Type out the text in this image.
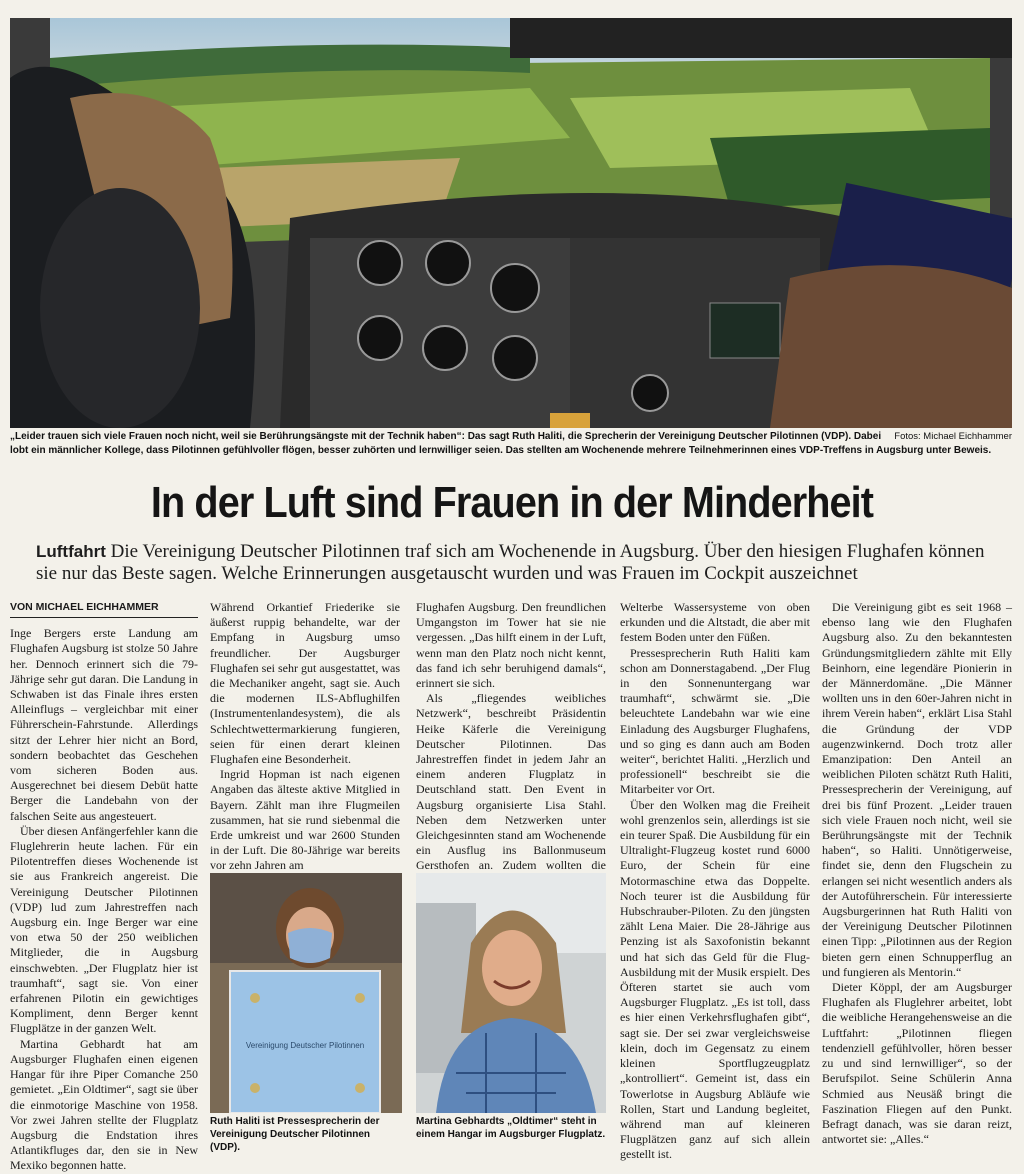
Fotos: Michael Eichhammer
„Leider trauen sich viele Frauen noch nicht, weil sie Berührungsängste mit der Technik haben“: Das sagt Ruth Haliti, die Sprecherin der Vereinigung Deutscher Pilotinnen (VDP). Dabei lobt ein männlicher Kollege, dass Pilotinnen gefühlvoller flögen, besser zuhörten und lernwilliger seien. Das stellten am Wochenende mehrere Teilnehmerinnen eines VDP-Treffens in Augsburg unter Beweis.
In der Luft sind Frauen in der Minderheit
Luftfahrt Die Vereinigung Deutscher Pilotinnen traf sich am Wochenende in Augsburg. Über den hiesigen Flughafen können sie nur das Beste sagen. Welche Erinnerungen ausgetauscht wurden und was Frauen im Cockpit auszeichnet
VON MICHAEL EICHHAMMER

Inge Bergers erste Landung am Flughafen Augsburg ist stolze 50 Jahre her. Dennoch erinnert sich die 79-Jährige sehr gut daran. Die Landung in Schwaben ist das Finale ihres ersten Alleinflugs – vergleichbar mit einer Führerschein-Fahrstunde. Allerdings sitzt der Lehrer hier nicht an Bord, sondern beobachtet das Geschehen vom sicheren Boden aus. Ausgerechnet bei diesem Debüt hatte Berger die Landebahn von der falschen Seite aus angesteuert.

Über diesen Anfängerfehler kann die Fluglehrerin heute lachen. Für ein Pilotentreffen dieses Wochenende ist sie aus Frankreich angereist. Die Vereinigung Deutscher Pilotinnen (VDP) lud zum Jahrestreffen nach Augsburg ein. Inge Berger war eine von etwa 50 der 250 weiblichen Mitglieder, die in Augsburg einschwebten. „Der Flugplatz hier ist traumhaft“, sagt sie. Von einer erfahrenen Pilotin ein gewichtiges Kompliment, denn Berger kennt Flugplätze in der ganzen Welt.

Martina Gebhardt hat am Augsburger Flughafen einen eigenen Hangar für ihre Piper Comanche 250 gemietet. „Ein Oldtimer“, sagt sie über die einmotorige Maschine von 1958. Vor zwei Jahren stellte der Flugplatz Augsburg die Endstation ihres Atlantikfluges dar, den sie in New Mexiko begonnen hatte.

Während Orkantief Friederike sie äußerst ruppig behandelte, war der Empfang in Augsburg umso freundlicher. Der Augsburger Flughafen sei sehr gut ausgestattet, was die Mechaniker angeht, sagt sie. Auch die modernen ILS-Abflughilfen (Instrumentenlandesystem), die als Schlechtwettermarkierung fungieren, seien für einen derart kleinen Flughafen eine Besonderheit.

Ingrid Hopman ist nach eigenen Angaben das älteste aktive Mitglied in Bayern. Zählt man ihre Flugmeilen zusammen, hat sie rund siebenmal die Erde umkreist und war 2600 Stunden in der Luft. Die 80-Jährige war bereits vor zehn Jahren am

Flughafen Augsburg. Den freundlichen Umgangston im Tower hat sie nie vergessen. „Das hilft einem in der Luft, wenn man den Platz noch nicht kennt, das fand ich sehr beruhigend damals“, erinnert sie sich.

Als „fliegendes weibliches Netzwerk“, beschreibt Präsidentin Heike Käferle die Vereinigung Deutscher Pilotinnen. Das Jahrestreffen findet in jedem Jahr an einem anderen Flugplatz in Deutschland statt. Den Event in Augsburg organisierte Lisa Stahl. Neben dem Netzwerken unter Gleichgesinnten stand am Wochenende ein Ausflug ins Ballonmuseum Gersthofen an. Zudem wollten die

Welterbe Wassersysteme von oben erkunden und die Altstadt, die aber mit festem Boden unter den Füßen.

Pressesprecherin Ruth Haliti kam schon am Donnerstagabend. „Der Flug in den Sonnenuntergang war traumhaft“, schwärmt sie. „Die beleuchtete Landebahn war wie eine Einladung des Augsburger Flughafens, und so ging es dann auch am Boden weiter“, berichtet Haliti. „Herzlich und professionell“ beschreibt sie die Mitarbeiter vor Ort.

Über den Wolken mag die Freiheit wohl grenzenlos sein, allerdings ist sie ein teurer Spaß. Die Ausbildung für ein Ultralight-Flugzeug kostet rund 6000 Euro, der Schein für eine Motormaschine etwa das Doppelte. Noch teurer ist die Ausbildung für Hubschrauber-Piloten. Zu den jüngsten zählt Lena Maier. Die 28-Jährige aus Penzing ist als Saxofonistin bekannt und hat sich das Geld für die Flug-Ausbildung mit der Musik erspielt. Des Öfteren startet sie auch vom Augsburger Flugplatz. „Es ist toll, dass es hier einen Verkehrsflughafen gibt“, sagt sie. Der sei zwar vergleichsweise klein, doch im Gegensatz zu einem kleinen Sportflugzeugplatz „kontrolliert“. Gemeint ist, dass ein Towerlotse in Augsburg Abläufe wie Rollen, Start und Landung begleitet, während man auf kleineren Flugplätzen ganz auf sich allein gestellt ist.

Die Vereinigung gibt es seit 1968 – ebenso lang wie den Flughafen Augsburg also. Zu den bekanntesten Gründungsmitgliedern zählte mit Elly Beinhorn, eine legendäre Pionierin in der Männerdomäne. „Die Männer wollten uns in den 60er-Jahren nicht in ihrem Verein haben“, erklärt Lisa Stahl die Gründung der VDP augenzwinkernd. Doch trotz aller Emanzipation: Den Anteil an weiblichen Piloten schätzt Ruth Haliti, Pressesprecherin der Vereinigung, auf drei bis fünf Prozent. „Leider trauen sich viele Frauen noch nicht, weil sie Berührungsängste mit der Technik haben“, so Haliti. Unnötigerweise, findet sie, denn den Flugschein zu erlangen sei nicht wesentlich anders als der Autoführerschein. Für interessierte Augsburgerinnen hat Ruth Haliti von der Vereinigung Deutscher Pilotinnen einen Tipp: „Pilotinnen aus der Region bieten gern einen Schnupperflug an und fungieren als Mentorin.“

Dieter Köppl, der am Augsburger Flughafen als Fluglehrer arbeitet, lobt die weibliche Herangehensweise an die Luftfahrt: „Pilotinnen fliegen tendenziell gefühlvoller, hören besser zu und sind lernwilliger“, so der Berufspilot. Seine Schülerin Anna Schmied aus Neusäß bringt die Faszination Fliegen auf den Punkt. Befragt danach, was sie daran reizt, antwortet sie: „Alles.“

Vereinigung Deutscher Pilotinnen
Ruth Haliti ist Pressesprecherin der Vereinigung Deutscher Pilotinnen (VDP).
Martina Gebhardts „Oldtimer“ steht in einem Hangar im Augsburger Flugplatz.
